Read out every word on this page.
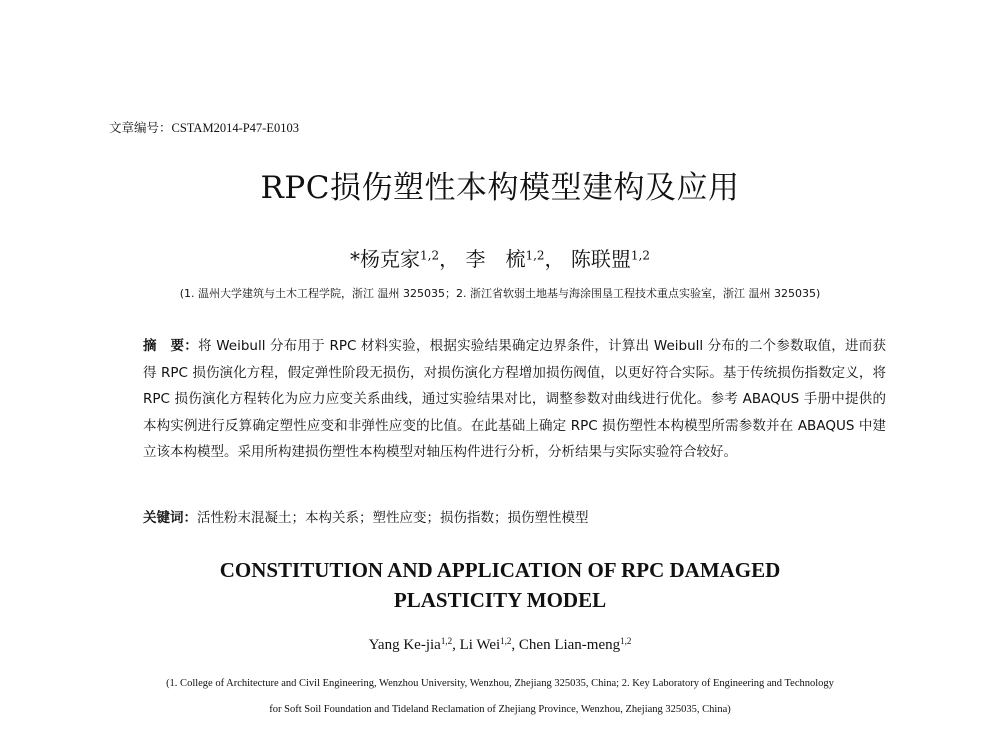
文章编号：CSTAM2014-P47-E0103
RPC损伤塑性本构模型建构及应用
*杨克家$^{1,2}$， 李　梳$^{1,2}$， 陈联盟$^{1,2}$
(1. 温州大学建筑与土木工程学院，浙江 温州 325035；2. 浙江省软弱土地基与海涂围垦工程技术重点实验室，浙江 温州 325035)
摘　要：将 Weibull 分布用于 RPC 材料实验，根据实验结果确定边界条件，计算出 Weibull 分布的二个参数取值，进而获得 RPC 损伤演化方程，假定弹性阶段无损伤，对损伤演化方程增加损伤阀值，以更好符合实际。基于传统损伤指数定义，将 RPC 损伤演化方程转化为应力应变关系曲线，通过实验结果对比，调整参数对曲线进行优化。参考 ABAQUS 手册中提供的本构实例进行反算确定塑性应变和非弹性应变的比值。在此基础上确定 RPC 损伤塑性本构模型所需参数并在 ABAQUS 中建立该本构模型。采用所构建损伤塑性本构模型对轴压构件进行分析，分析结果与实际实验符合较好。
关键词：活性粉末混凝土；本构关系；塑性应变；损伤指数；损伤塑性模型
CONSTITUTION AND APPLICATION OF RPC DAMAGED
PLASTICITY MODEL
Yang Ke-jia$^{1,2}$, Li Wei$^{1,2}$, Chen Lian-meng$^{1,2}$
(1. College of Architecture and Civil Engineering, Wenzhou University, Wenzhou, Zhejiang 325035, China; 2. Key Laboratory of Engineering and Technology
for Soft Soil Foundation and Tideland Reclamation of Zhejiang Province, Wenzhou, Zhejiang 325035, China)
